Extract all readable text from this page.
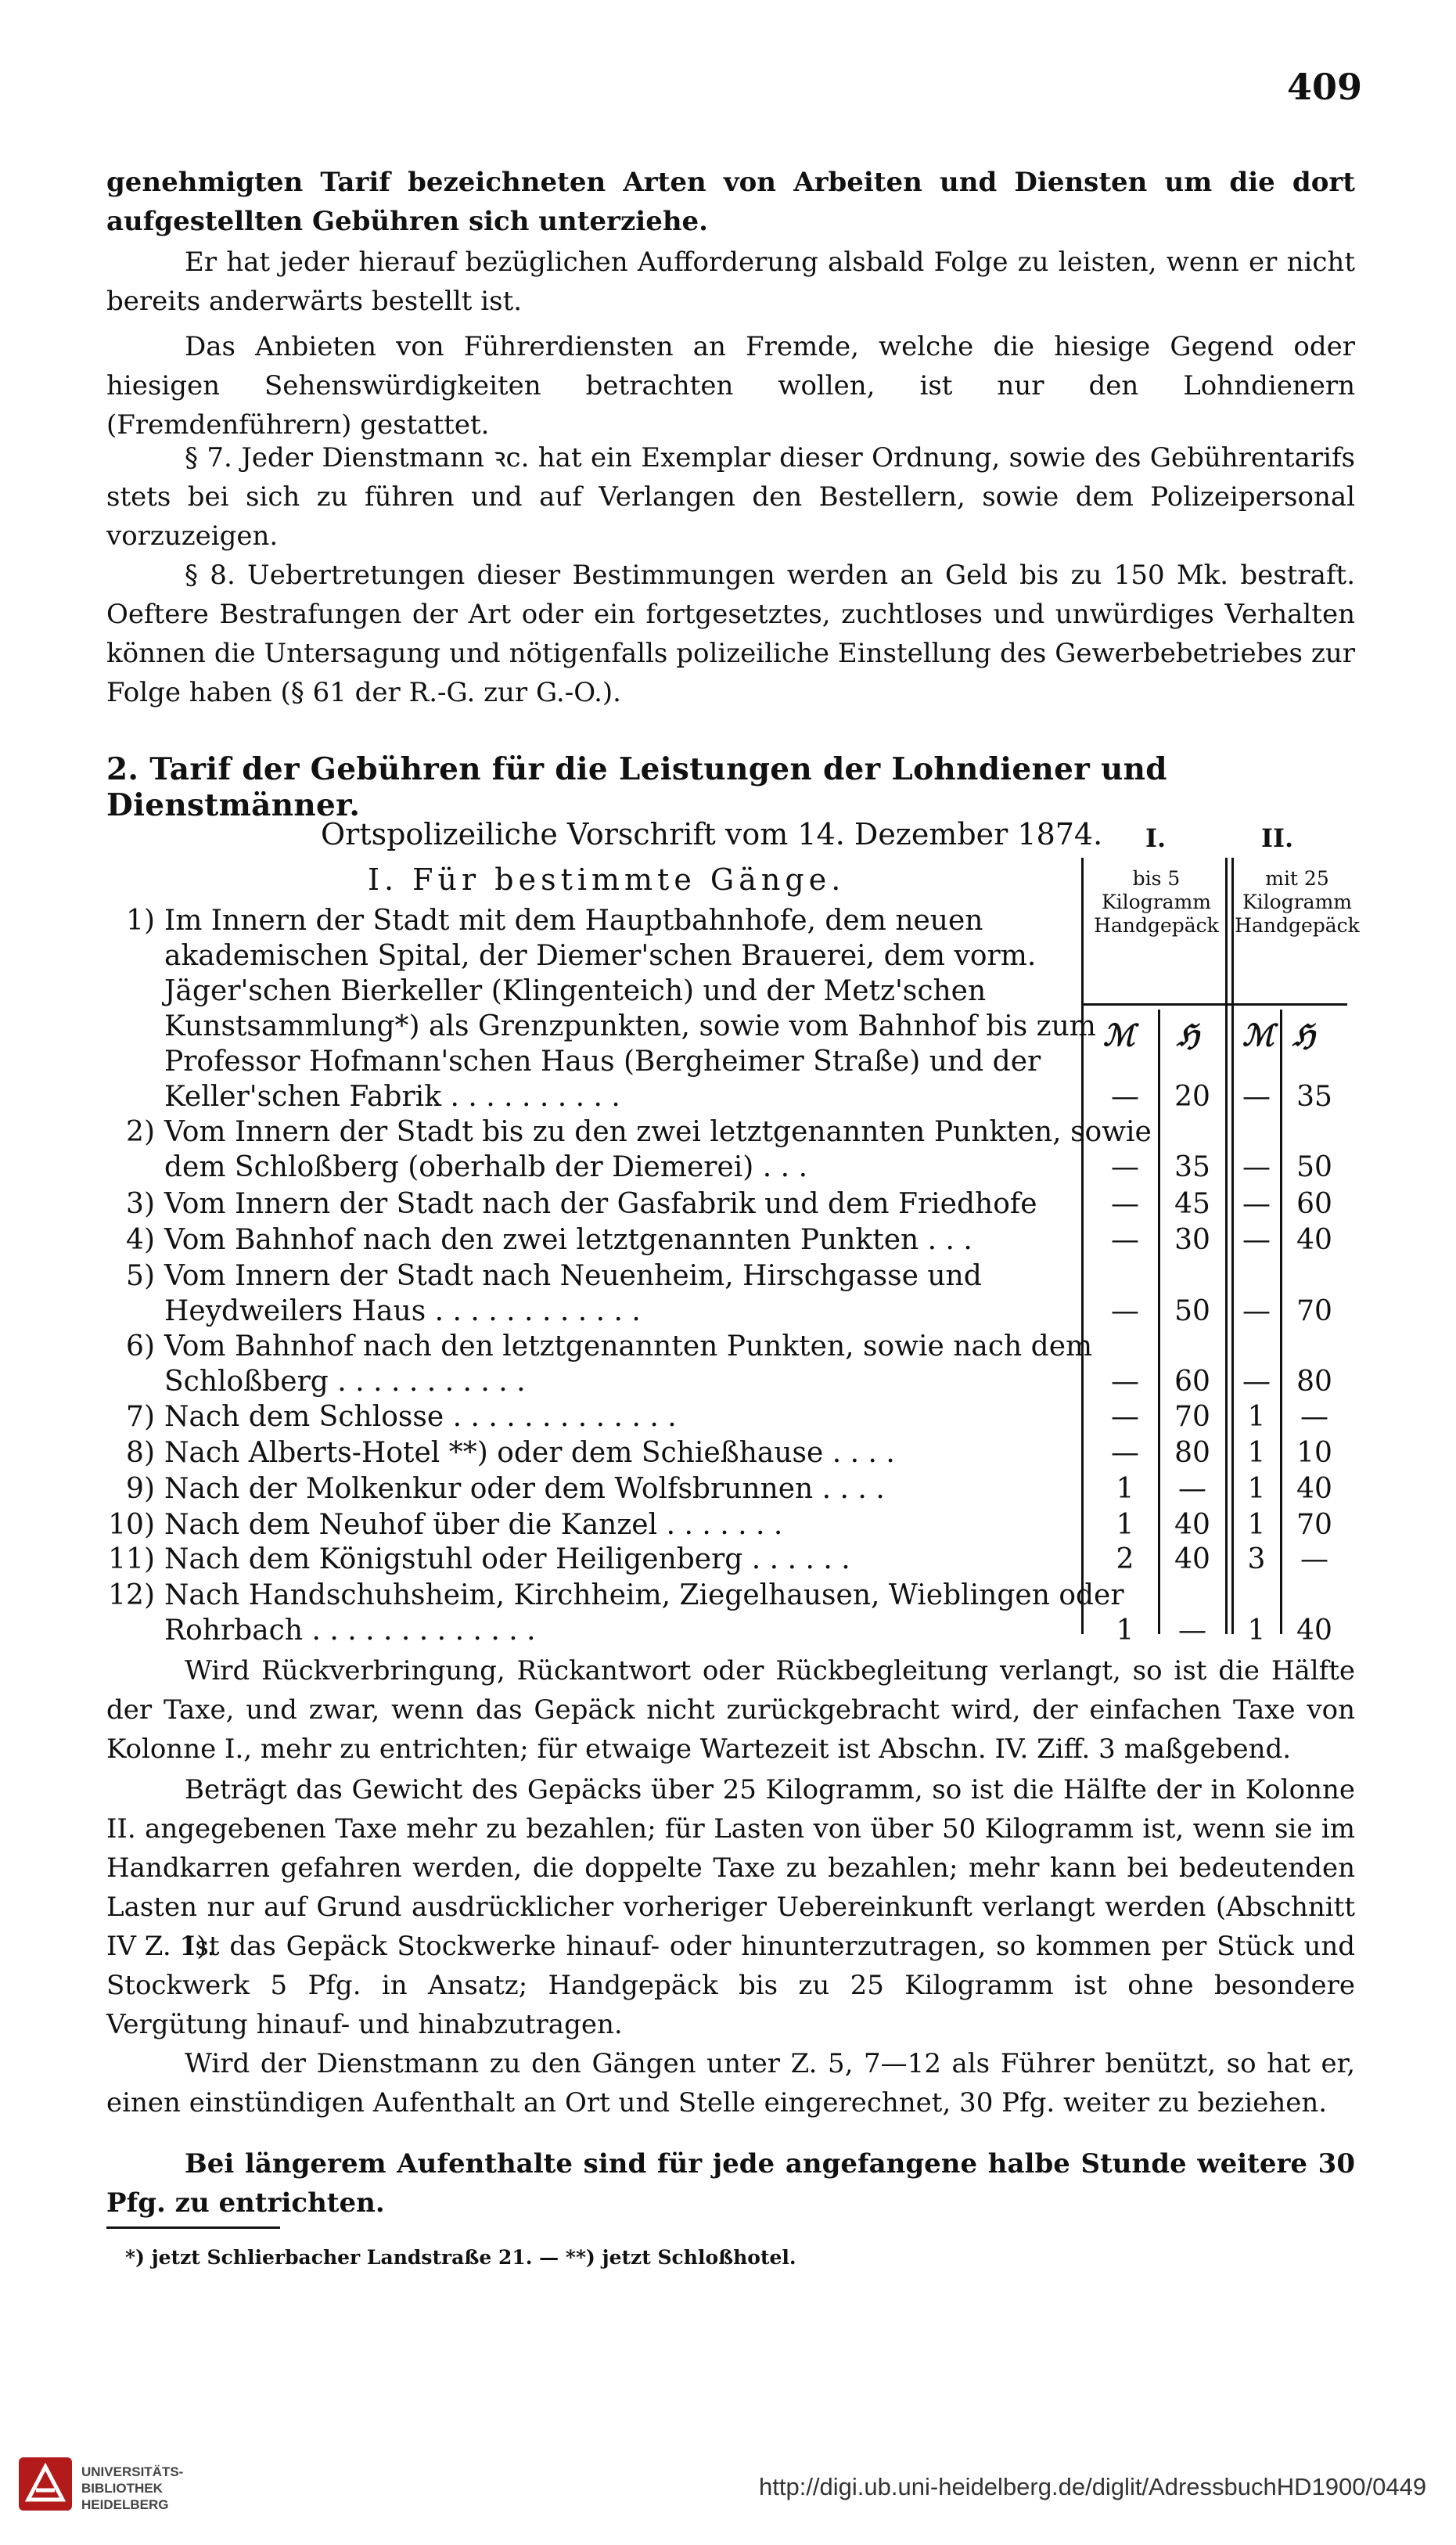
409
genehmigten Tarif bezeichneten Arten von Arbeiten und Diensten um die dort aufgestellten Gebühren sich unterziehe.
Er hat jeder hierauf bezüglichen Aufforderung alsbald Folge zu leisten, wenn er nicht bereits anderwärts bestellt ist.
Das Anbieten von Führerdiensten an Fremde, welche die hiesige Gegend oder hiesigen Sehenswürdigkeiten betrachten wollen, ist nur den Lohndienern (Fremdenführern) gestattet.
§ 7. Jeder Dienstmann ꝛc. hat ein Exemplar dieser Ordnung, sowie des Gebührentarifs stets bei sich zu führen und auf Verlangen den Bestellern, sowie dem Polizeipersonal vorzuzeigen.
§ 8. Uebertretungen dieser Bestimmungen werden an Geld bis zu 150 Mk. bestraft. Oeftere Bestrafungen der Art oder ein fortgesetztes, zuchtloses und unwürdiges Verhalten können die Untersagung und nötigenfalls polizeiliche Einstellung des Gewerbebetriebes zur Folge haben (§ 61 der R.-G. zur G.-O.).
2. Tarif der Gebühren für die Leistungen der Lohndiener und Dienstmänner.
Ortspolizeiliche Vorschrift vom 14. Dezember 1874. I.	II.
I. Für bestimmte Gänge.	bis 5 Kilogramm Handgepäck
mit 25 Kilogramm Handgepäck
ℳ ℌ ℳ ℌ
1) Im Innern der Stadt mit dem Hauptbahnhofe, dem neuen akademischen Spital, der Diemer'schen Brauerei, dem vorm. Jäger'schen Bierkeller (Klingenteich) und der Metz'schen Kunstsammlung*) als Grenzpunkten, sowie vom Bahnhof bis zum Professor Hofmann'schen Haus (Bergheimer Straße) und der Keller'schen Fabrik . . . . . . . . . .	—	20	— 35
2) Vom Innern der Stadt bis zu den zwei letztgenannten Punkten, sowie dem Schloßberg (oberhalb der Diemerei) . . .	—	35	— 50
3) Vom Innern der Stadt nach der Gasfabrik und dem Friedhofe	—	45	— 60
4) Vom Bahnhof nach den zwei letztgenannten Punkten . . .	—	30	— 40
5) Vom Innern der Stadt nach Neuenheim, Hirschgasse und Heydweilers Haus . . . . . . . . . . . .	—	50	— 70
6) Vom Bahnhof nach den letztgenannten Punkten, sowie nach dem Schloßberg . . . . . . . . . . .	—	60	— 80
7) Nach dem Schlosse . . . . . . . . . . . . .	—	70	1	—
8) Nach Alberts-Hotel **) oder dem Schießhause . . . .	—	80	1	10
9) Nach der Molkenkur oder dem Wolfsbrunnen . . . .	1	—	1	40
10) Nach dem Neuhof über die Kanzel . . . . . . .	1	40	1	70
11) Nach dem Königstuhl oder Heiligenberg . . . . . .	2	40	3	—
12) Nach Handschuhsheim, Kirchheim, Ziegelhausen, Wieblingen oder Rohrbach . . . . . . . . . . . . .	1	—	1	40
Wird Rückverbringung, Rückantwort oder Rückbegleitung verlangt, so ist die Hälfte der Taxe, und zwar, wenn das Gepäck nicht zurückgebracht wird, der einfachen Taxe von Kolonne I., mehr zu entrichten; für etwaige Wartezeit ist Abschn. IV. Ziff. 3 maßgebend.
Beträgt das Gewicht des Gepäcks über 25 Kilogramm, so ist die Hälfte der in Kolonne II. angegebenen Taxe mehr zu bezahlen; für Lasten von über 50 Kilogramm ist, wenn sie im Handkarren gefahren werden, die doppelte Taxe zu bezahlen; mehr kann bei bedeutenden Lasten nur auf Grund ausdrücklicher vorheriger Uebereinkunft verlangt werden (Abschnitt IV Z. 1).
Ist das Gepäck Stockwerke hinauf- oder hinunterzutragen, so kommen per Stück und Stockwerk 5 Pfg. in Ansatz; Handgepäck bis zu 25 Kilogramm ist ohne besondere Vergütung hinauf- und hinabzutragen.
Wird der Dienstmann zu den Gängen unter Z. 5, 7—12 als Führer benützt, so hat er, einen einstündigen Aufenthalt an Ort und Stelle eingerechnet, 30 Pfg. weiter zu beziehen.
Bei längerem Aufenthalte sind für jede angefangene halbe Stunde weitere 30 Pfg. zu entrichten.
*) jetzt Schlierbacher Landstraße 21. — **) jetzt Schloßhotel.
UNIVERSITÄTS-
BIBLIOTHEK
HEIDELBERG
http://digi.ub.uni-heidelberg.de/diglit/AdressbuchHD1900/0449
